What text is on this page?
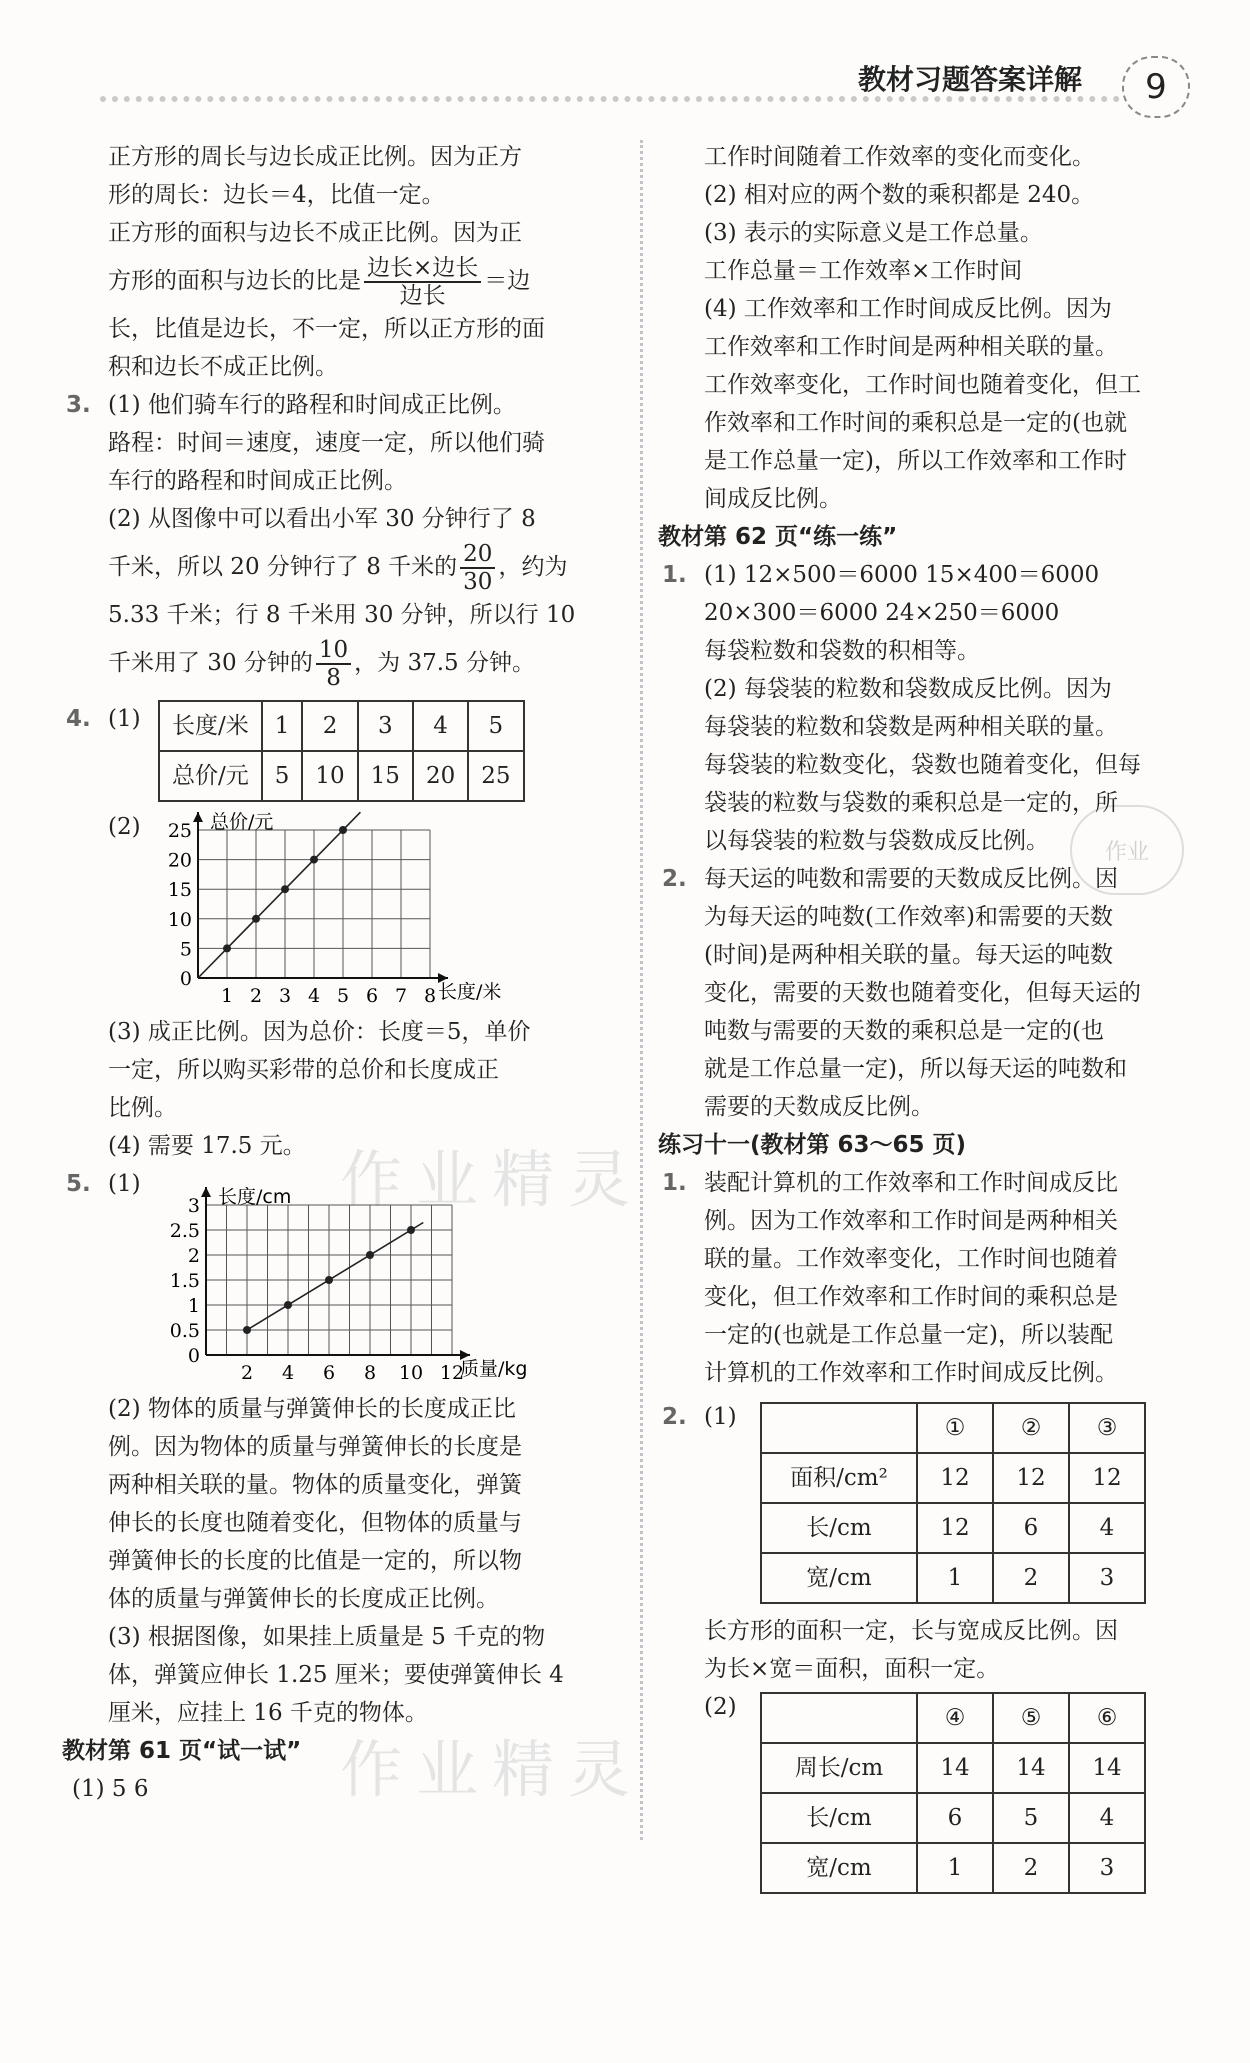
教材习题答案详解	9
作业精灵
作业精灵
作业

正方形的周长与边长成正比例。因为正方

形的周长：边长＝4，比值一定。

正方形的面积与边长不成正比例。因为正

方形的面积与边长的比是 $\frac{\text{边长×边长}}{\text{边长}}$ ＝边

长，比值是边长，不一定，所以正方形的面

积和边长不成正比例。

3. (1) 他们骑车行的路程和时间成正比例。

路程：时间＝速度，速度一定，所以他们骑

车行的路程和时间成正比例。

(2) 从图像中可以看出小军 30 分钟行了 8

千米，所以 20 分钟行了 8 千米的 $\frac{20}{30}$ ，约为

5.33 千米；行 8 千米用 30 分钟，所以行 10

千米用了 30 分钟的 $\frac{10}{8}$ ，为 37.5 分钟。

4. (1)	长度/米	1	2	3	4	5
总价/元	5	10	15	20	25
(2)
1 2 3 4 5 6 7 8
0
5
10
15
20
25
长度/米
总价/元

(3) 成正比例。因为总价：长度＝5，单价

一定，所以购买彩带的总价和长度成正

比例。

(4) 需要 17.5 元。

5. (1)
2 4 6 8 10 12
0
0.5
1
1.5
2
2.5
3
质量/kg
长度/cm

(2) 物体的质量与弹簧伸长的长度成正比

例。因为物体的质量与弹簧伸长的长度是

两种相关联的量。物体的质量变化，弹簧

伸长的长度也随着变化，但物体的质量与

弹簧伸长的长度的比值是一定的，所以物

体的质量与弹簧伸长的长度成正比例。

(3) 根据图像，如果挂上质量是 5 千克的物

体，弹簧应伸长 1.25 厘米；要使弹簧伸长 4

厘米，应挂上 16 千克的物体。

教材第 61 页“试一试”

(1) 5 6

工作时间随着工作效率的变化而变化。

(2) 相对应的两个数的乘积都是 240。

(3) 表示的实际意义是工作总量。

工作总量＝工作效率×工作时间

(4) 工作效率和工作时间成反比例。因为

工作效率和工作时间是两种相关联的量。

工作效率变化，工作时间也随着变化，但工

作效率和工作时间的乘积总是一定的(也就

是工作总量一定)，所以工作效率和工作时

间成反比例。

教材第 62 页“练一练”

1. (1) 12×500＝6000 15×400＝6000

20×300＝6000 24×250＝6000

每袋粒数和袋数的积相等。

(2) 每袋装的粒数和袋数成反比例。因为

每袋装的粒数和袋数是两种相关联的量。

每袋装的粒数变化，袋数也随着变化，但每

袋装的粒数与袋数的乘积总是一定的，所

以每袋装的粒数与袋数成反比例。

2. 每天运的吨数和需要的天数成反比例。因

为每天运的吨数(工作效率)和需要的天数

(时间)是两种相关联的量。每天运的吨数

变化，需要的天数也随着变化，但每天运的

吨数与需要的天数的乘积总是一定的(也

就是工作总量一定)，所以每天运的吨数和

需要的天数成反比例。

练习十一(教材第 63～65 页)

1. 装配计算机的工作效率和工作时间成反比

例。因为工作效率和工作时间是两种相关

联的量。工作效率变化，工作时间也随着

变化，但工作效率和工作时间的乘积总是

一定的(也就是工作总量一定)，所以装配

计算机的工作效率和工作时间成反比例。

2. (1)
		①	②	③
面积/cm²	12	12	12
长/cm	12	6	4
宽/cm	1	2	3

长方形的面积一定，长与宽成反比例。因

为长×宽＝面积，面积一定。

(2)
		④	⑤	⑥
周长/cm	14	14	14
长/cm	6	5	4
宽/cm	1	2	3
